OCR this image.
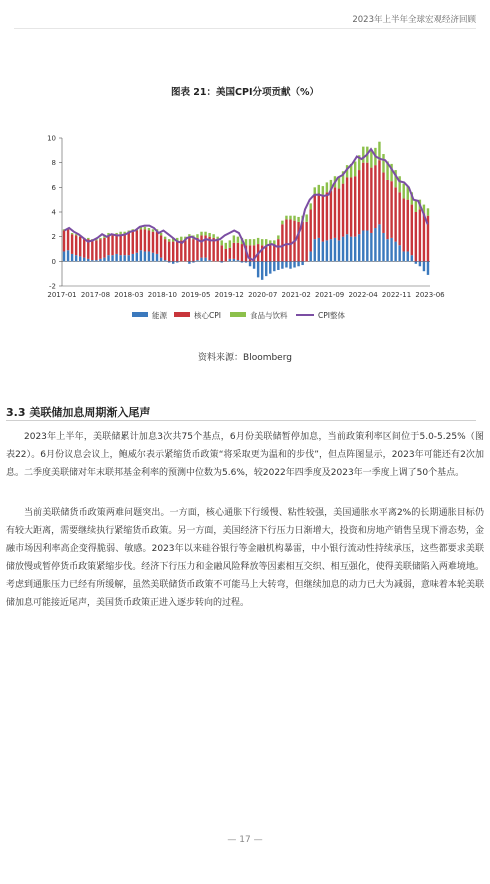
2023年上半年全球宏观经济回顾
图表 21：美国CPI分项贡献（%）
-2
0
2
4
6
8
10
2017-01 2017-08 2018-03 2018-10 2019-05 2019-12 2020-07 2021-02 2021-09 2022-04 2022-11 2023-06
能源	核心CPI	食品与饮料	CPI整体
资料来源：Bloomberg
3.3 美联储加息周期渐入尾声

2023年上半年，美联储累计加息3次共75个基点，6月份美联储暂停加息，当前政策利率区间位于5.0-5.25%（图表22）。6月份议息会议上，鲍威尔表示紧缩货币政策“将采取更为温和的步伐”，但点阵图显示，2023年可能还有2次加息。二季度美联储对年末联邦基金利率的预测中位数为5.6%，较2022年四季度及2023年一季度上调了50个基点。

当前美联储货币政策两难问题突出。一方面，核心通胀下行缓慢、粘性较强，美国通胀水平离2%的长期通胀目标仍有较大距离，需要继续执行紧缩货币政策。另一方面，美国经济下行压力日渐增大，投资和房地产销售呈现下滑态势，金融市场因利率高企变得脆弱、敏感。2023年以来硅谷银行等金融机构暴雷，中小银行流动性持续承压，这些都要求美联储放慢或暂停货币政策紧缩步伐。经济下行压力和金融风险释放等因素相互交织、相互强化，使得美联储陷入两难境地。考虑到通胀压力已经有所缓解，虽然美联储货币政策不可能马上大转弯，但继续加息的动力已大为减弱，意味着本轮美联储加息可能接近尾声，美国货币政策正进入逐步转向的过程。

— 17 —
